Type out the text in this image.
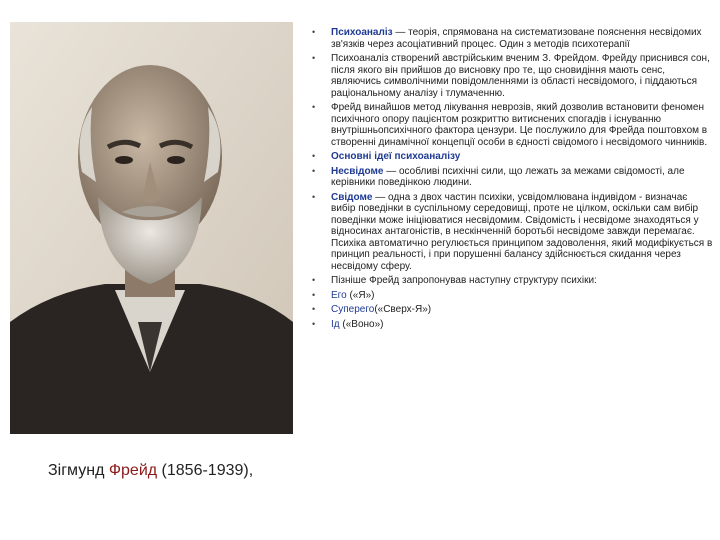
Зігмунд Фрейд (1856-1939),
• Психоаналіз — теорія, спрямована на систематизоване пояснення несвідомих зв'язків через асоціативний процес. Один з методів психотерапії
• Психоаналіз створений австрійським вченим З. Фрейдом. Фрейду приснився сон, після якого він прийшов до висновку про те, що сновидіння мають сенс, являючись символічними повідомленнями із області несвідомого, і піддаються раціональному аналізу і тлумаченню.
• Фрейд винайшов метод лікування неврозів, який дозволив встановити феномен психічного опору пацієнтом розкриттю витиснених спогадів і існуванню внутрішньопсихічного фактора цензури. Це послужило для Фрейда поштовхом в створенні динамічної концепції особи в єдності свідомого і несвідомого чинників.
• Основні ідеї психоаналізу
• Несвідоме — особливі психічні сили, що лежать за межами свідомості, але керівники поведінкою людини.
• Свідоме — одна з двох частин психіки, усвідомлювана індивідом - визначає вибір поведінки в суспільному середовищі, проте не цілком, оскільки сам вибір поведінки може ініціюватися несвідомим. Свідомість і несвідоме знаходяться у відносинах антагоністів, в нескінченній боротьбі несвідоме завжди перемагає. Психіка автоматично регулюється принципом задоволення, який модифікується в принцип реальності, і при порушенні балансу здійснюється скидання через несвідому сферу.
• Пізніше Фрейд запропонував наступну структуру психіки:
• Его («Я»)
• Суперего(«Сверх-Я»)
• Ід («Воно»)
